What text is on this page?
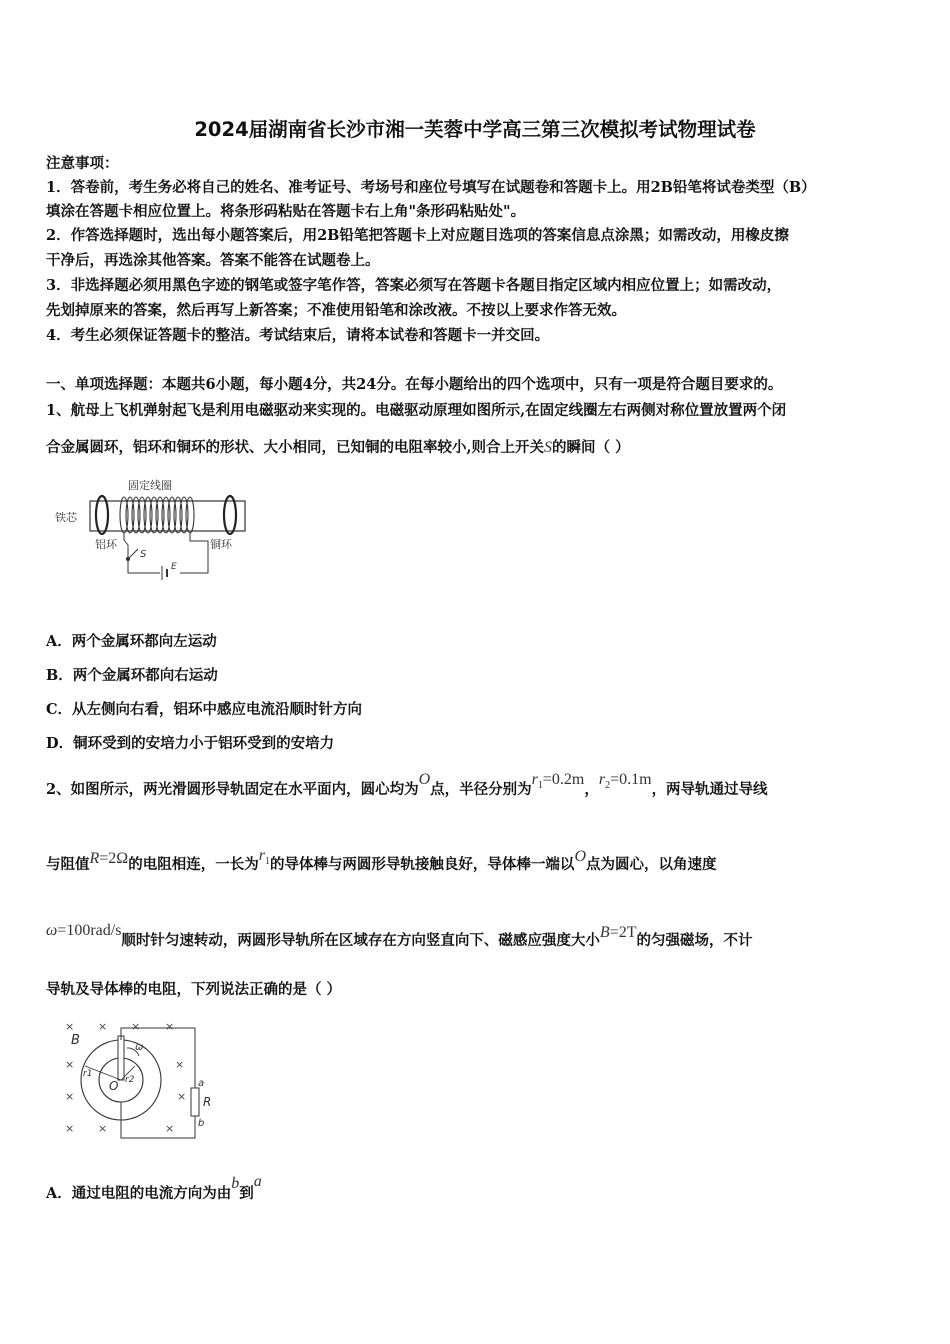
2024届湖南省长沙市湘一芙蓉中学高三第三次模拟考试物理试卷
注意事项：
1．答卷前，考生务必将自己的姓名、准考证号、考场号和座位号填写在试题卷和答题卡上。用2B铅笔将试卷类型（B）
填涂在答题卡相应位置上。将条形码粘贴在答题卡右上角"条形码粘贴处"。
2．作答选择题时，选出每小题答案后，用2B铅笔把答题卡上对应题目选项的答案信息点涂黑；如需改动，用橡皮擦
干净后，再选涂其他答案。答案不能答在试题卷上。
3．非选择题必须用黑色字迹的钢笔或签字笔作答，答案必须写在答题卡各题目指定区域内相应位置上；如需改动，
先划掉原来的答案，然后再写上新答案；不准使用铅笔和涂改液。不按以上要求作答无效。
4．考生必须保证答题卡的整洁。考试结束后，请将本试卷和答题卡一并交回。
一、单项选择题：本题共6小题，每小题4分，共24分。在每小题给出的四个选项中，只有一项是符合题目要求的。
1、航母上飞机弹射起飞是利用电磁驱动来实现的。电磁驱动原理如图所示,在固定线圈左右两侧对称位置放置两个闭
合金属圆环，铝环和铜环的形状、大小相同，已知铜的电阻率较小,则合上开关S的瞬间（ ）
固定线圈
铁芯
铝环	铜环
S
E
A．两个金属环都向左运动
B．两个金属环都向右运动
C．从左侧向右看，铝环中感应电流沿顺时针方向
D．铜环受到的安培力小于铝环受到的安培力
2、如图所示，两光滑圆形导轨固定在水平面内，圆心均为O点，半径分别为$r_1=0.2m$，$r_2=0.1m$，两导轨通过导线
与阻值R=2Ω的电阻相连，一长为$r_1$的导体棒与两圆形导轨接触良好，导体棒一端以O点为圆心，以角速度
ω=100rad/s顺时针匀速转动，两圆形导轨所在区域存在方向竖直向下、磁感应强度大小B=2T的匀强磁场，不计
导轨及导体棒的电阻，下列说法正确的是（ ）
× × × ×
×	×
×	×
× ×	×
B
r1
r2
O
ω
R
a
b
A．通过电阻的电流方向为由b到a
